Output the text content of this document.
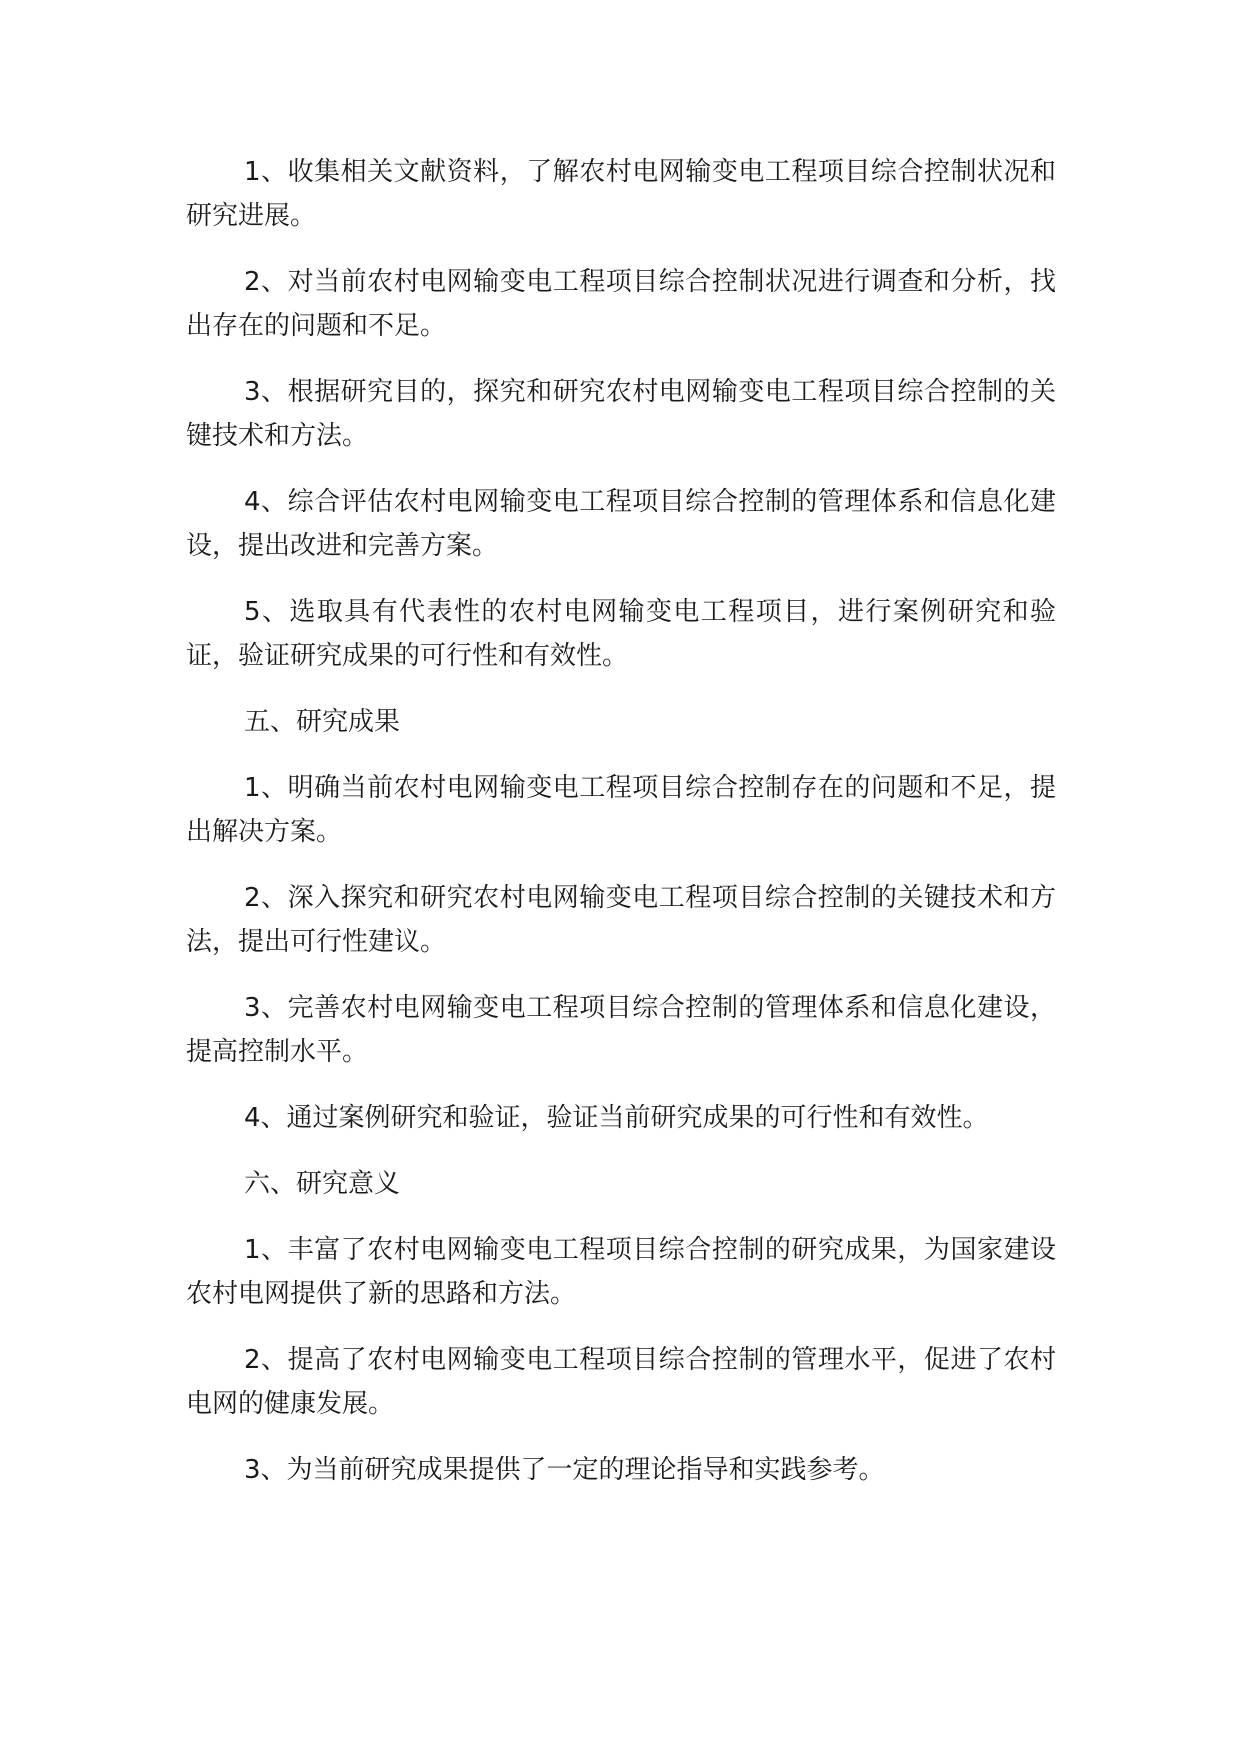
1、收集相关文献资料，了解农村电网输变电工程项目综合控制状况和研究进展。

2、对当前农村电网输变电工程项目综合控制状况进行调查和分析，找出存在的问题和不足。

3、根据研究目的，探究和研究农村电网输变电工程项目综合控制的关键技术和方法。

4、综合评估农村电网输变电工程项目综合控制的管理体系和信息化建设，提出改进和完善方案。

5、选取具有代表性的农村电网输变电工程项目，进行案例研究和验证，验证研究成果的可行性和有效性。

五、研究成果

1、明确当前农村电网输变电工程项目综合控制存在的问题和不足，提出解决方案。

2、深入探究和研究农村电网输变电工程项目综合控制的关键技术和方法，提出可行性建议。

3、完善农村电网输变电工程项目综合控制的管理体系和信息化建设，提高控制水平。

4、通过案例研究和验证，验证当前研究成果的可行性和有效性。

六、研究意义

1、丰富了农村电网输变电工程项目综合控制的研究成果，为国家建设农村电网提供了新的思路和方法。

2、提高了农村电网输变电工程项目综合控制的管理水平，促进了农村电网的健康发展。

3、为当前研究成果提供了一定的理论指导和实践参考。
